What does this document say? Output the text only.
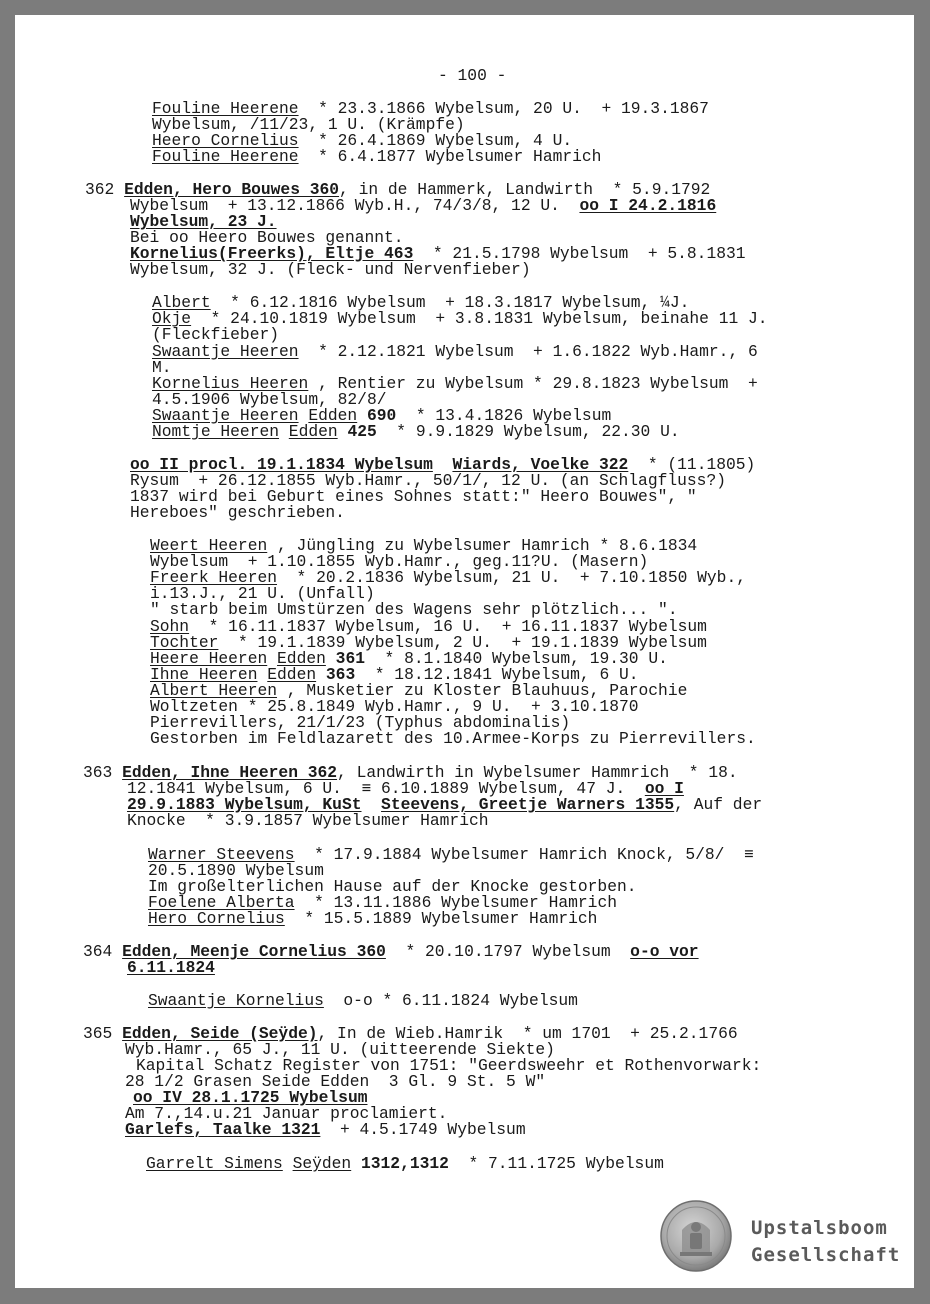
- 100 -
Fouline Heerene  * 23.3.1866 Wybelsum, 20 U.  + 19.3.1867
Wybelsum, /11/23, 1 U. (Krämpfe)
Heero Cornelius  * 26.4.1869 Wybelsum, 4 U.
Fouline Heerene  * 6.4.1877 Wybelsumer Hamrich
362 Edden, Hero Bouwes 360, in de Hammerk, Landwirth  * 5.9.1792
Wybelsum  + 13.12.1866 Wyb.H., 74/3/8, 12 U.  oo I 24.2.1816
Wybelsum, 23 J.
Bei oo Heero Bouwes genannt.
Kornelius(Freerks), Eltje 463  * 21.5.1798 Wybelsum  + 5.8.1831
Wybelsum, 32 J. (Fleck- und Nervenfieber)
Albert  * 6.12.1816 Wybelsum  + 18.3.1817 Wybelsum, ¼J.
Okje  * 24.10.1819 Wybelsum  + 3.8.1831 Wybelsum, beinahe 11 J.
(Fleckfieber)
Swaantje Heeren  * 2.12.1821 Wybelsum  + 1.6.1822 Wyb.Hamr., 6
M.
Kornelius Heeren , Rentier zu Wybelsum * 29.8.1823 Wybelsum  +
4.5.1906 Wybelsum, 82/8/
Swaantje Heeren Edden 690  * 13.4.1826 Wybelsum
Nomtje Heeren Edden 425  * 9.9.1829 Wybelsum, 22.30 U.
oo II procl. 19.1.1834 Wybelsum Wiards, Voelke 322  * (11.1805)
Rysum  + 26.12.1855 Wyb.Hamr., 50/1/, 12 U. (an Schlagfluss?)
1837 wird bei Geburt eines Sohnes statt:" Heero Bouwes", "
Hereboes" geschrieben.
Weert Heeren , Jüngling zu Wybelsumer Hamrich * 8.6.1834
Wybelsum  + 1.10.1855 Wyb.Hamr., geg.11?U. (Masern)
Freerk Heeren  * 20.2.1836 Wybelsum, 21 U.  + 7.10.1850 Wyb.,
i.13.J., 21 U. (Unfall)
" starb beim Umstürzen des Wagens sehr plötzlich... ".
Sohn  * 16.11.1837 Wybelsum, 16 U.  + 16.11.1837 Wybelsum
Tochter  * 19.1.1839 Wybelsum, 2 U.  + 19.1.1839 Wybelsum
Heere Heeren Edden 361  * 8.1.1840 Wybelsum, 19.30 U.
Ihne Heeren Edden 363  * 18.12.1841 Wybelsum, 6 U.
Albert Heeren , Musketier zu Kloster Blauhuus, Parochie
Woltzeten * 25.8.1849 Wyb.Hamr., 9 U.  + 3.10.1870
Pierrevillers, 21/1/23 (Typhus abdominalis)
Gestorben im Feldlazarett des 10.Armee-Korps zu Pierrevillers.
363 Edden, Ihne Heeren 362, Landwirth in Wybelsumer Hammrich  * 18.
12.1841 Wybelsum, 6 U.  ≡ 6.10.1889 Wybelsum, 47 J.  oo I
29.9.1883 Wybelsum, KuSt Steevens, Greetje Warners 1355, Auf der
Knocke  * 3.9.1857 Wybelsumer Hamrich
Warner Steevens  * 17.9.1884 Wybelsumer Hamrich Knock, 5/8/  ≡
20.5.1890 Wybelsum
Im großelterlichen Hause auf der Knocke gestorben.
Foelene Alberta  * 13.11.1886 Wybelsumer Hamrich
Hero Cornelius  * 15.5.1889 Wybelsumer Hamrich
364 Edden, Meenje Cornelius 360  * 20.10.1797 Wybelsum  o-o vor
6.11.1824
Swaantje Kornelius  o-o * 6.11.1824 Wybelsum
365 Edden, Seide (Seÿde), In de Wieb.Hamrik  * um 1701  + 25.2.1766
Wyb.Hamr., 65 J., 11 U. (uitteerende Siekte)
Kapital Schatz Register von 1751: "Geerdsweehr et Rothenvorwark:
28 1/2 Grasen Seide Edden  3 Gl. 9 St. 5 W"
oo IV 28.1.1725 Wybelsum
Am 7.,14.u.21 Januar proclamiert.
Garlefs, Taalke 1321  + 4.5.1749 Wybelsum
Garrelt Simens Seÿden 1312,1312  * 7.11.1725 Wybelsum
Upstalsboom
Gesellschaft
